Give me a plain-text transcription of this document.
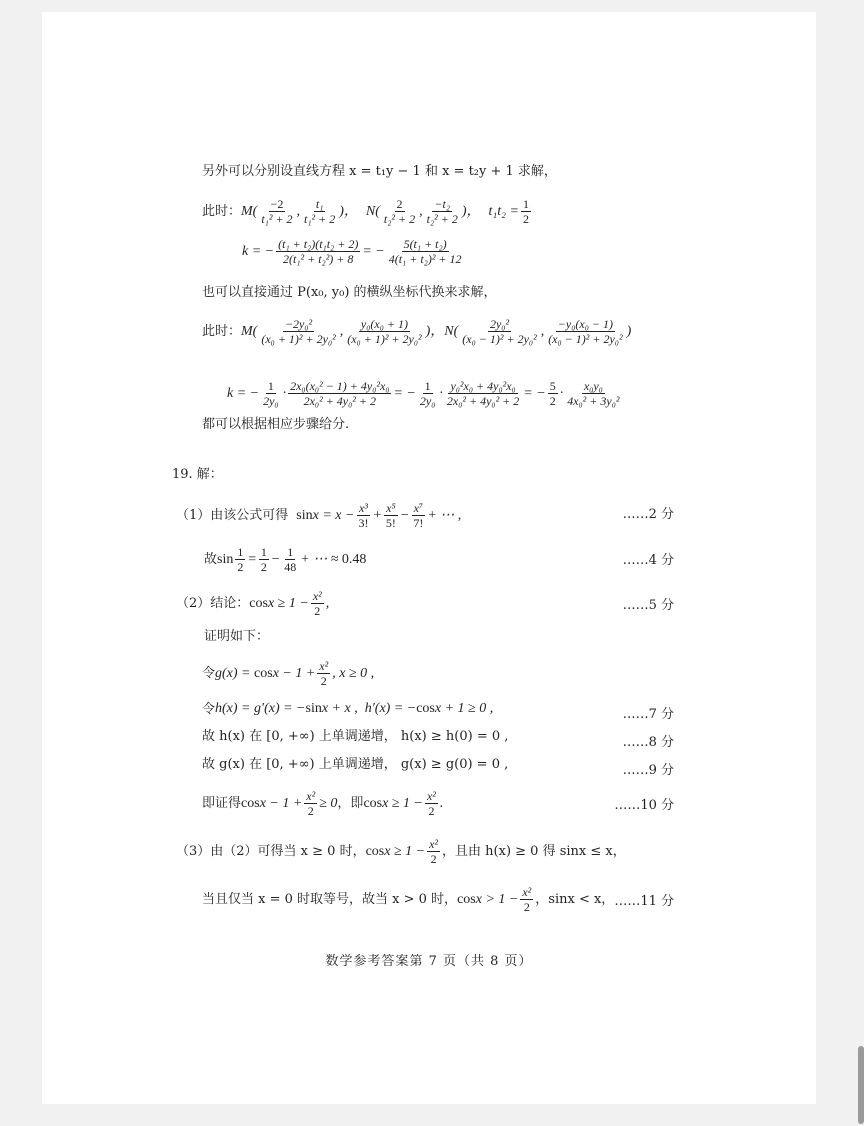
另外可以分别设直线方程 x = t₁y − 1 和 x = t₂y + 1 求解，
此时： $M( \frac{-2}{\text{t₁² + 2}}$ , $\frac{\text{t₁}}{\text{t₁² + 2}}$ )， $N( \frac{2}{\text{t₂² + 2}}$ , $\frac{\text{−t₂}}{\text{t₂² + 2}}$ )， $t_1t_2 = \frac{1}{2}$
k = − $\frac{\text{(t₁ + t₂)(t₁t₂ + 2)}}{\text{2(t₁² + t₂²) + 8}}$ = − $\frac{\text{5(t₁ + t₂)}}{\text{4(t₁ + t₂)² + 12}}$
也可以直接通过 P(x₀, y₀) 的横纵坐标代换来求解，
此时： $M( \frac{\text{−2y₀²}}{\text{(x₀ + 1)² + 2y₀²}}$ , $\frac{\text{y₀(x₀ + 1)}}{\text{(x₀ + 1)² + 2y₀²}}$ )， $N( \frac{\text{2y₀²}}{\text{(x₀ − 1)² + 2y₀²}}$ , $\frac{\text{−y₀(x₀ − 1)}}{\text{(x₀ − 1)² + 2y₀²}}$ )
k = − $\frac{1}{\text{2y₀}} \cdot \frac{\text{2x₀(x₀² − 1) + 4y₀²x₀}}{\text{2x₀² + 4y₀² + 2}}$ = − $\frac{1}{\text{2y₀}} \cdot \frac{\text{y₀²x₀ + 4y₀²x₀}}{\text{2x₀² + 4y₀² + 2}}$ = − $\frac{5}{2} \cdot \frac{\text{x₀y₀}}{\text{4x₀² + 3y₀²}}$
都可以根据相应步骤给分.
19. 解：
（1）由该公式可得 $\sin x = x - \frac{\text{x³}}{3!} + \frac{\text{x⁵}}{5!} - \frac{\text{x⁷}}{7!}$ + ⋯ ,	……2 分
故 $\sin \frac{1}{2} = \frac{1}{2} - \frac{1}{48}$ + ⋯ ≈ 0.48	……4 分
（2）结论： $\cos x \ge 1 - \frac{\text{x²}}{2}$ ,	……5 分
证明如下：
令 $g(x) = \cos x - 1 + \frac{\text{x²}}{2}$ , x ≥ 0 ,
令 h(x) = g′(x) = −sinx + x ,  h′(x) = −cosx + 1 ≥ 0 ,	……7 分
故 h(x) 在 [0, +∞) 上单调递增， h(x) ≥ h(0) = 0 ,	……8 分
故 g(x) 在 [0, +∞) 上单调递增， g(x) ≥ g(0) = 0 ,	……9 分
即证得 $\cos x - 1 + \frac{\text{x²}}{2} \ge 0$ ，即 $\cos x \ge 1 - \frac{\text{x²}}{2}$ .	……10 分
（3）由（2）可得当 x ≥ 0 时， $\cos x \ge 1 - \frac{\text{x²}}{2}$ ，且由 h(x) ≥ 0 得 sinx ≤ x，
当且仅当 x = 0 时取等号，故当 x > 0 时， $\cos x > 1 - \frac{\text{x²}}{2}$ ，sinx < x， ……11 分
数学参考答案第 7 页（共 8 页）
